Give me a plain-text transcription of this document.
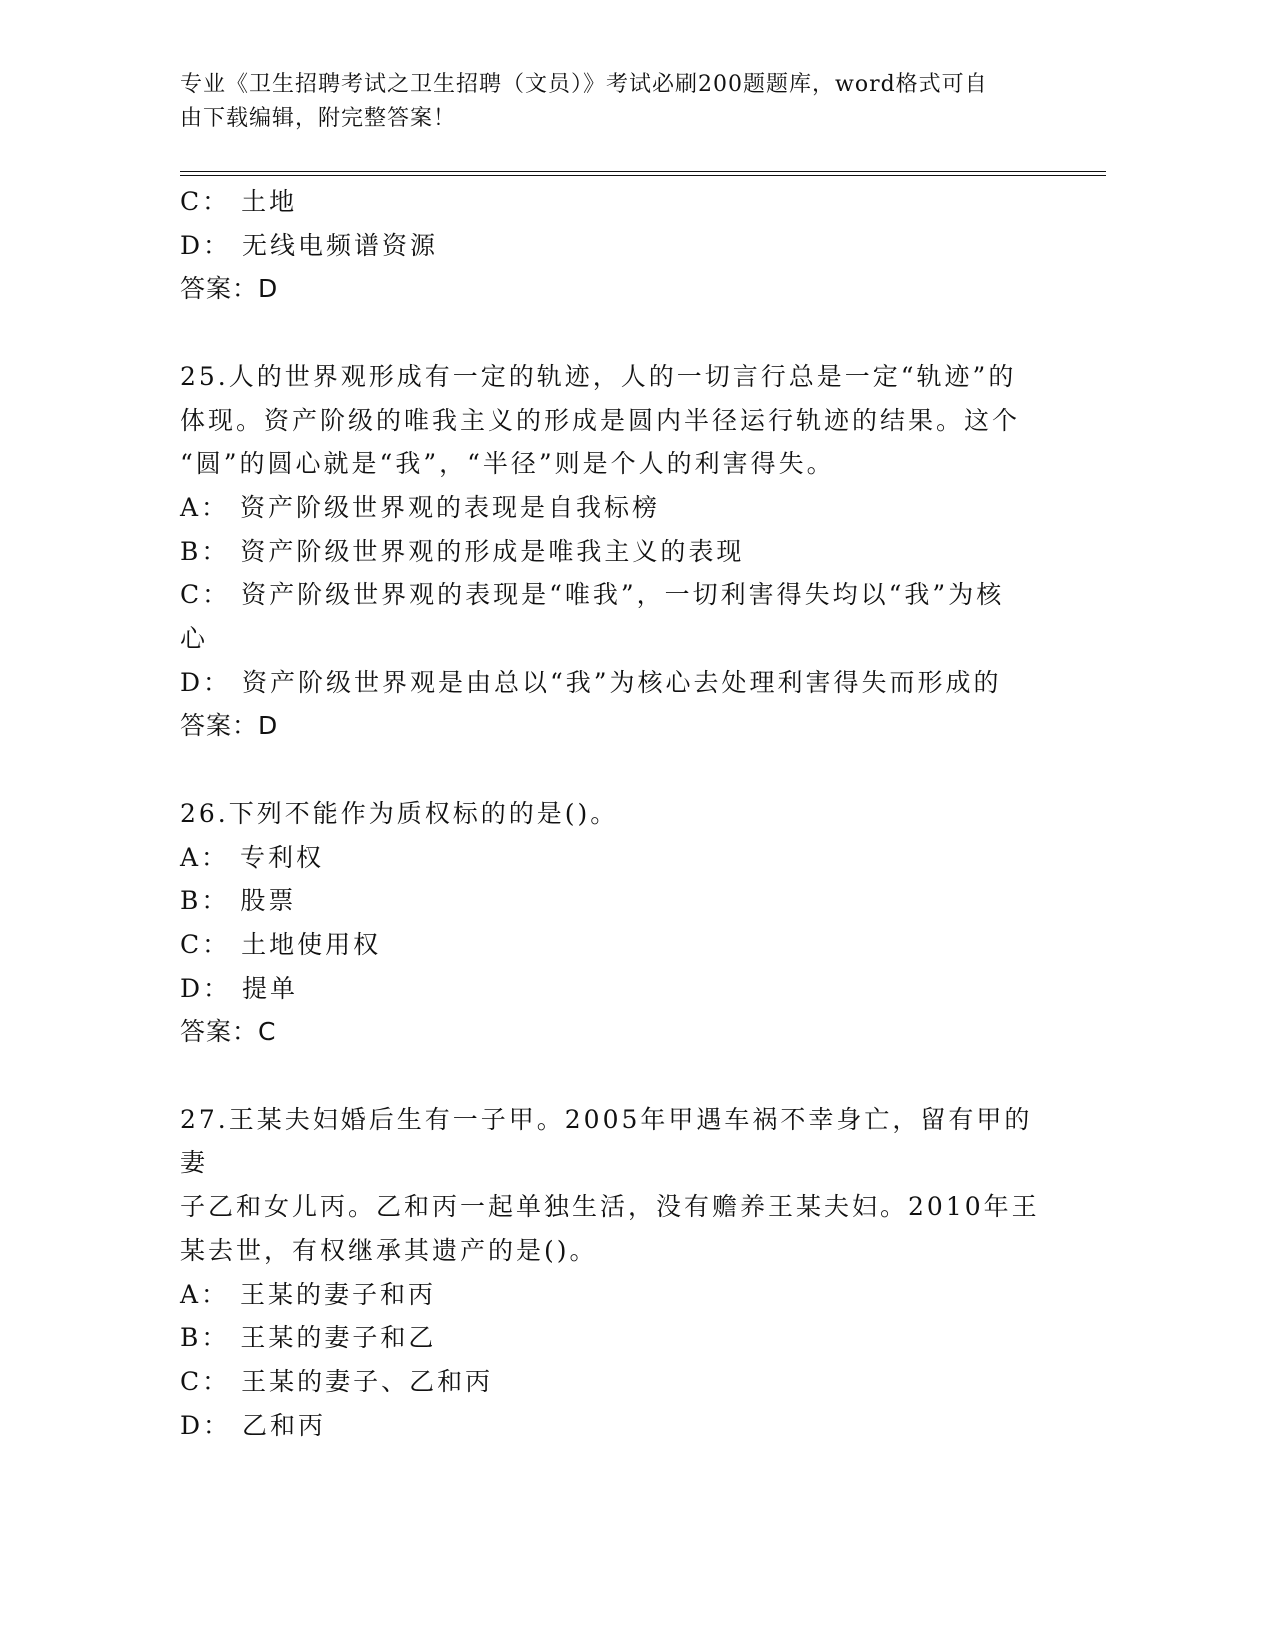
专业《卫生招聘考试之卫生招聘（文员）》考试必刷200题题库，word格式可自
由下载编辑，附完整答案！
C： 土地
D： 无线电频谱资源
答案：D
25.人的世界观形成有一定的轨迹，人的一切言行总是一定“轨迹”的
体现。资产阶级的唯我主义的形成是圆内半径运行轨迹的结果。这个
“圆”的圆心就是“我”，“半径”则是个人的利害得失。
A： 资产阶级世界观的表现是自我标榜
B： 资产阶级世界观的形成是唯我主义的表现
C： 资产阶级世界观的表现是“唯我”，一切利害得失均以“我”为核
心
D： 资产阶级世界观是由总以“我”为核心去处理利害得失而形成的
答案：D
26.下列不能作为质权标的的是()。
A： 专利权
B： 股票
C： 土地使用权
D： 提单
答案：C
27.王某夫妇婚后生有一子甲。2005年甲遇车祸不幸身亡，留有甲的妻
子乙和女儿丙。乙和丙一起单独生活，没有赡养王某夫妇。2010年王
某去世，有权继承其遗产的是()。
A： 王某的妻子和丙
B： 王某的妻子和乙
C： 王某的妻子、乙和丙
D： 乙和丙
